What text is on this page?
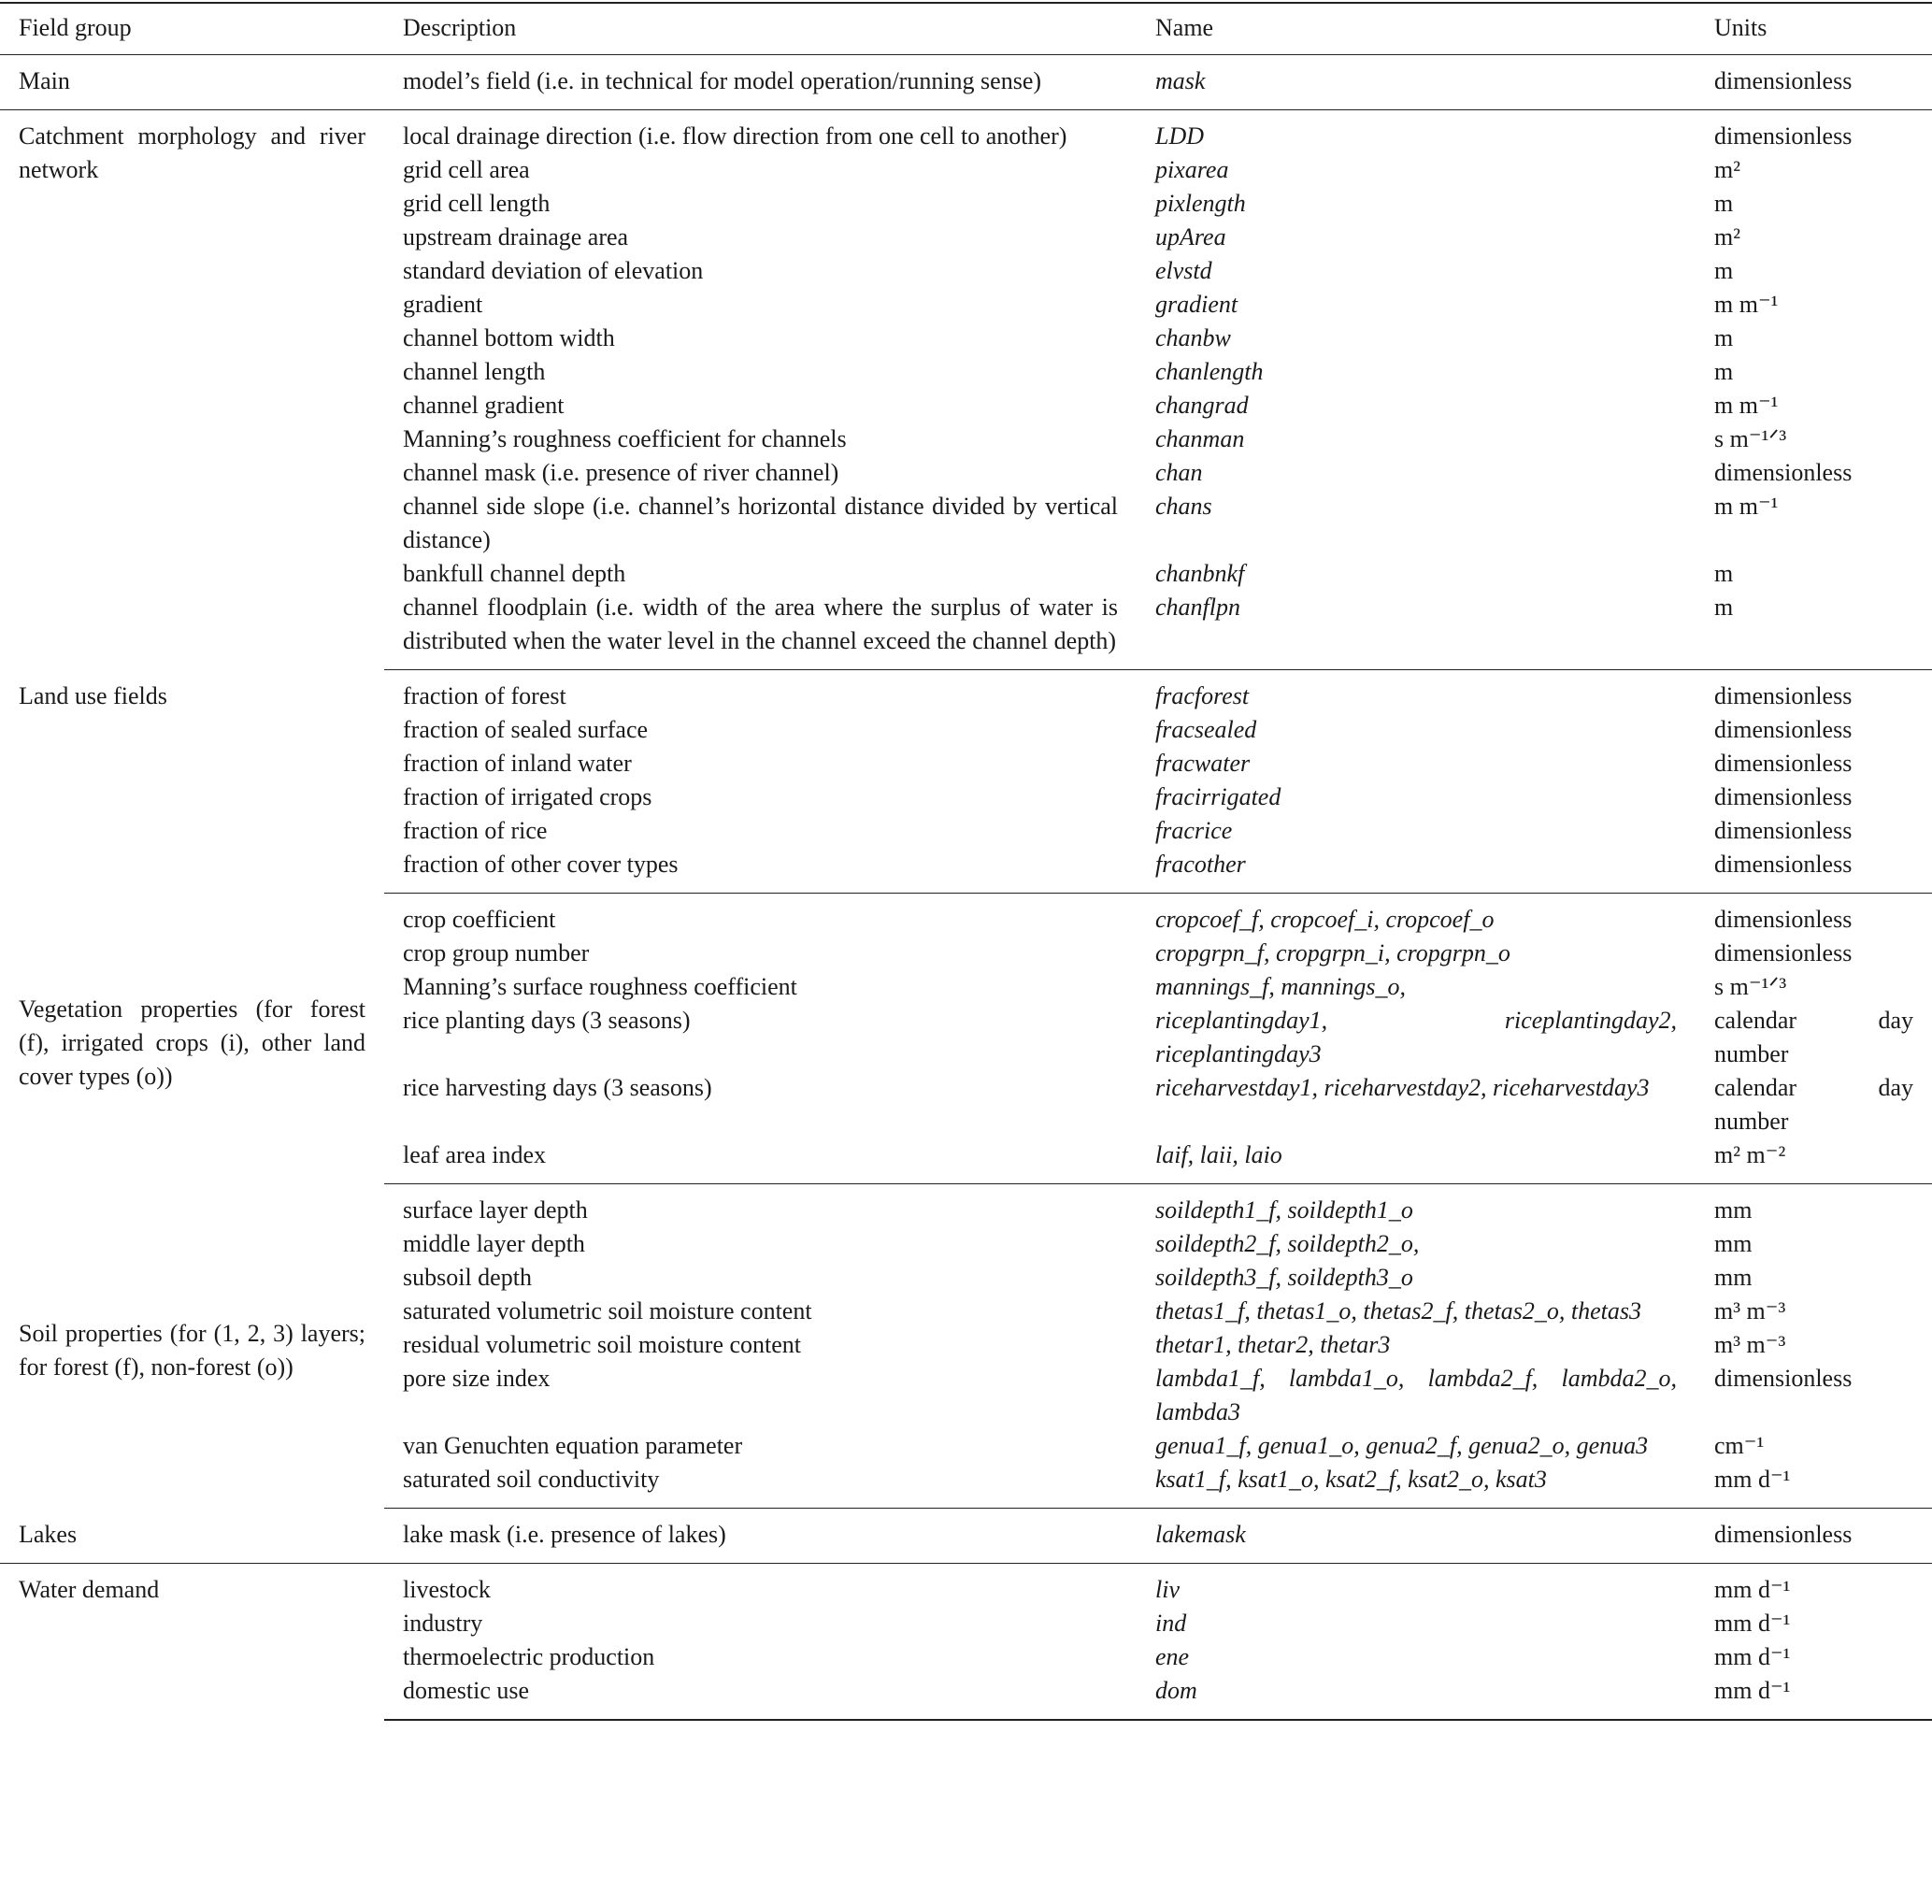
Field group	Description	Name	Units
Main	model’s field (i.e. in technical for model operation/running sense)	mask	dimensionless
Catchment morphology and river network	local drainage direction (i.e. flow direction from one cell to another)	LDD	dimensionless
	grid cell area	pixarea	m²
	grid cell length	pixlength	m
	upstream drainage area	upArea	m²
	standard deviation of elevation	elvstd	m
	gradient	gradient	m m⁻¹
	channel bottom width	chanbw	m
	channel length	chanlength	m
	channel gradient	changrad	m m⁻¹
	Manning’s roughness coefficient for channels	chanman	s m⁻¹ᐟ³
	channel mask (i.e. presence of river channel)	chan	dimensionless
	channel side slope (i.e. channel’s horizontal distance divided by vertical distance)	chans	m m⁻¹
	bankfull channel depth	chanbnkf	m
	channel floodplain (i.e. width of the area where the surplus of water is distributed when the water level in the channel exceed the channel depth)	chanflpn	m
Land use fields	fraction of forest	fracforest	dimensionless
	fraction of sealed surface	fracsealed	dimensionless
	fraction of inland water	fracwater	dimensionless
	fraction of irrigated crops	fracirrigated	dimensionless
	fraction of rice	fracrice	dimensionless
	fraction of other cover types	fracother	dimensionless
Vegetation properties (for forest (f), irrigated crops (i), other land cover types (o))	crop coefficient	cropcoef_f, cropcoef_i, cropcoef_o	dimensionless
	crop group number	cropgrpn_f, cropgrpn_i, cropgrpn_o	dimensionless
	Manning’s surface roughness coefficient	mannings_f, mannings_o,	s m⁻¹ᐟ³
	rice planting days (3 seasons)	riceplantingday1, riceplantingday2, riceplantingday3	calendar day number
	rice harvesting days (3 seasons)	riceharvestday1, riceharvestday2, riceharvestday3	calendar day number
	leaf area index	laif, laii, laio	m² m⁻²
Soil properties (for (1, 2, 3) layers; for forest (f), non-forest (o))	surface layer depth	soildepth1_f, soildepth1_o	mm
	middle layer depth	soildepth2_f, soildepth2_o,	mm
	subsoil depth	soildepth3_f, soildepth3_o	mm
	saturated volumetric soil moisture content	thetas1_f, thetas1_o, thetas2_f, thetas2_o, thetas3	m³ m⁻³
	residual volumetric soil moisture content	thetar1, thetar2, thetar3	m³ m⁻³
	pore size index	lambda1_f, lambda1_o, lambda2_f, lambda2_o, lambda3	dimensionless
	van Genuchten equation parameter	genua1_f, genua1_o, genua2_f, genua2_o, genua3	cm⁻¹
	saturated soil conductivity	ksat1_f, ksat1_o, ksat2_f, ksat2_o, ksat3	mm d⁻¹
Lakes	lake mask (i.e. presence of lakes)	lakemask	dimensionless
Water demand	livestock	liv	mm d⁻¹
	industry	ind	mm d⁻¹
	thermoelectric production	ene	mm d⁻¹
	domestic use	dom	mm d⁻¹
